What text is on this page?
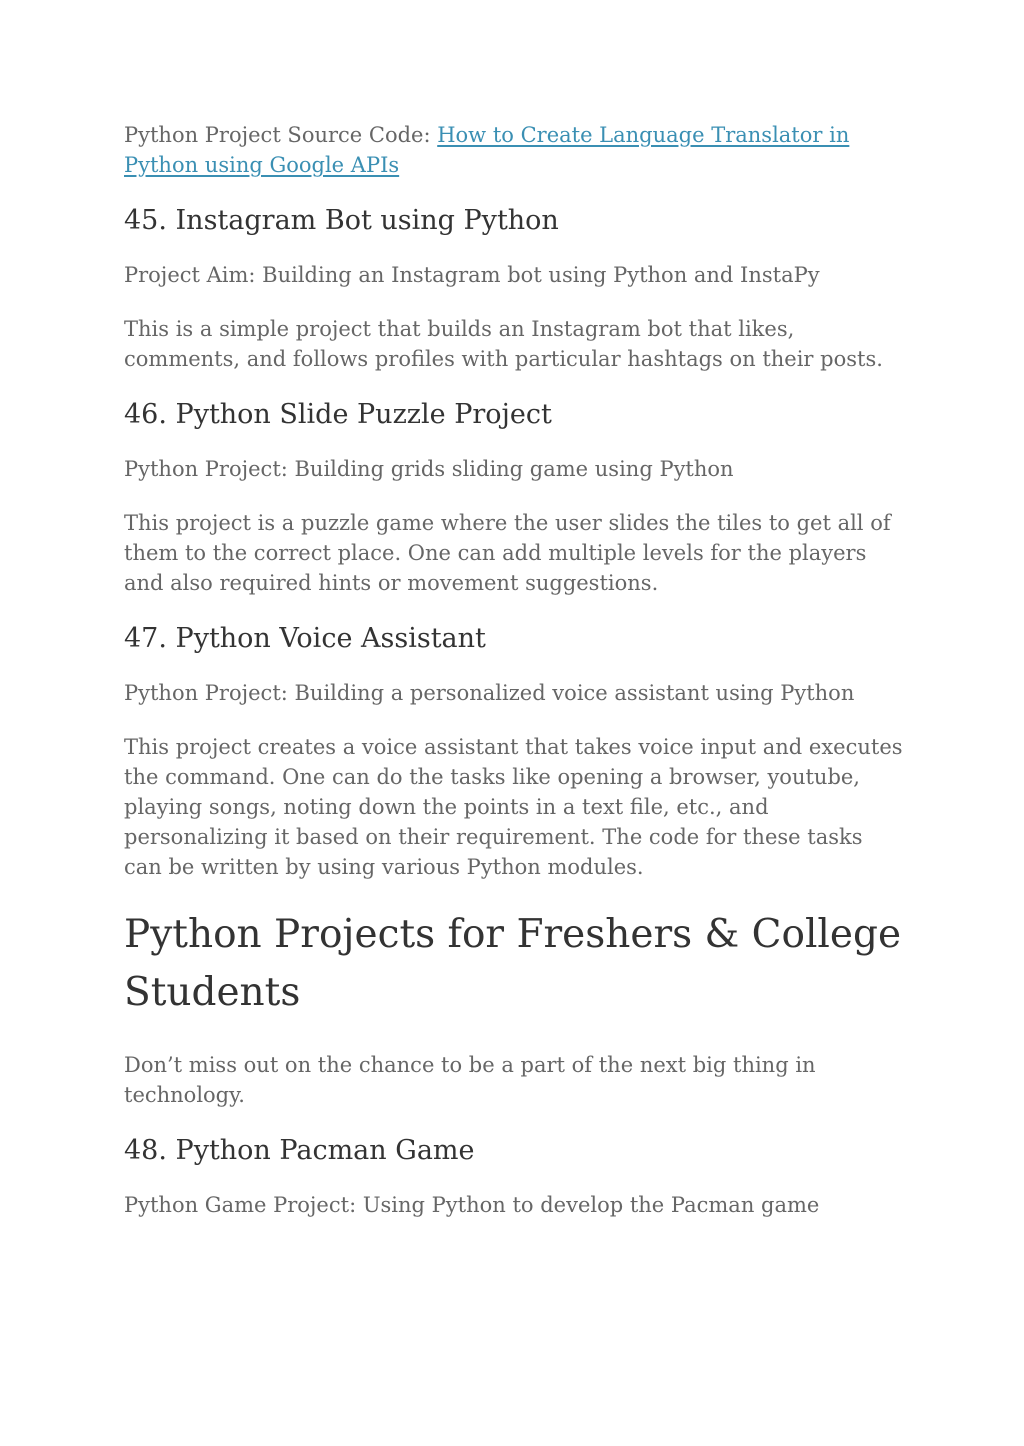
Python Project Source Code: How to Create Language Translator in Python using Google APIs

45. Instagram Bot using Python

Project Aim: Building an Instagram bot using Python and InstaPy

This is a simple project that builds an Instagram bot that likes, comments, and follows profiles with particular hashtags on their posts.

46. Python Slide Puzzle Project

Python Project: Building grids sliding game using Python

This project is a puzzle game where the user slides the tiles to get all of them to the correct place. One can add multiple levels for the players and also required hints or movement suggestions.

47. Python Voice Assistant

Python Project: Building a personalized voice assistant using Python

This project creates a voice assistant that takes voice input and executes the command. One can do the tasks like opening a browser, youtube, playing songs, noting down the points in a text file, etc., and personalizing it based on their requirement. The code for these tasks can be written by using various Python modules.

Python Projects for Freshers & College Students

Don’t miss out on the chance to be a part of the next big thing in technology.

48. Python Pacman Game

Python Game Project: Using Python to develop the Pacman game
